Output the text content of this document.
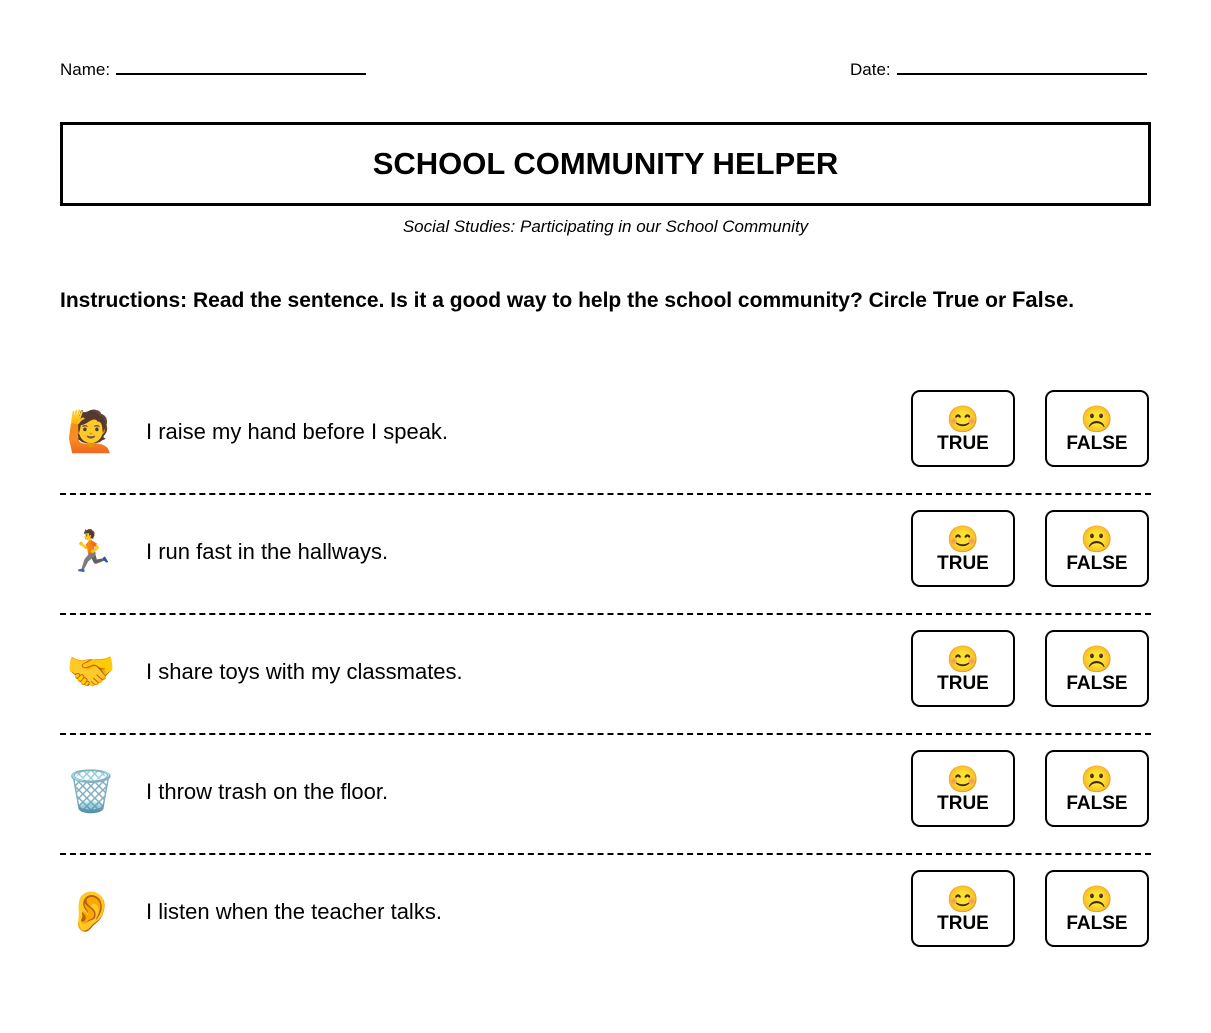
Name:	Date:
SCHOOL COMMUNITY HELPER
Social Studies: Participating in our School Community
Instructions: Read the sentence. Is it a good way to help the school community? Circle True or False.
🙋 I raise my hand before I speak.	😊
TRUE
☹️
FALSE
🏃 I run fast in the hallways.	😊
TRUE
☹️
FALSE
🤝 I share toys with my classmates.	😊
TRUE
☹️
FALSE
🗑️ I throw trash on the floor.	😊
TRUE
☹️
FALSE
👂 I listen when the teacher talks.	😊
TRUE
☹️
FALSE
